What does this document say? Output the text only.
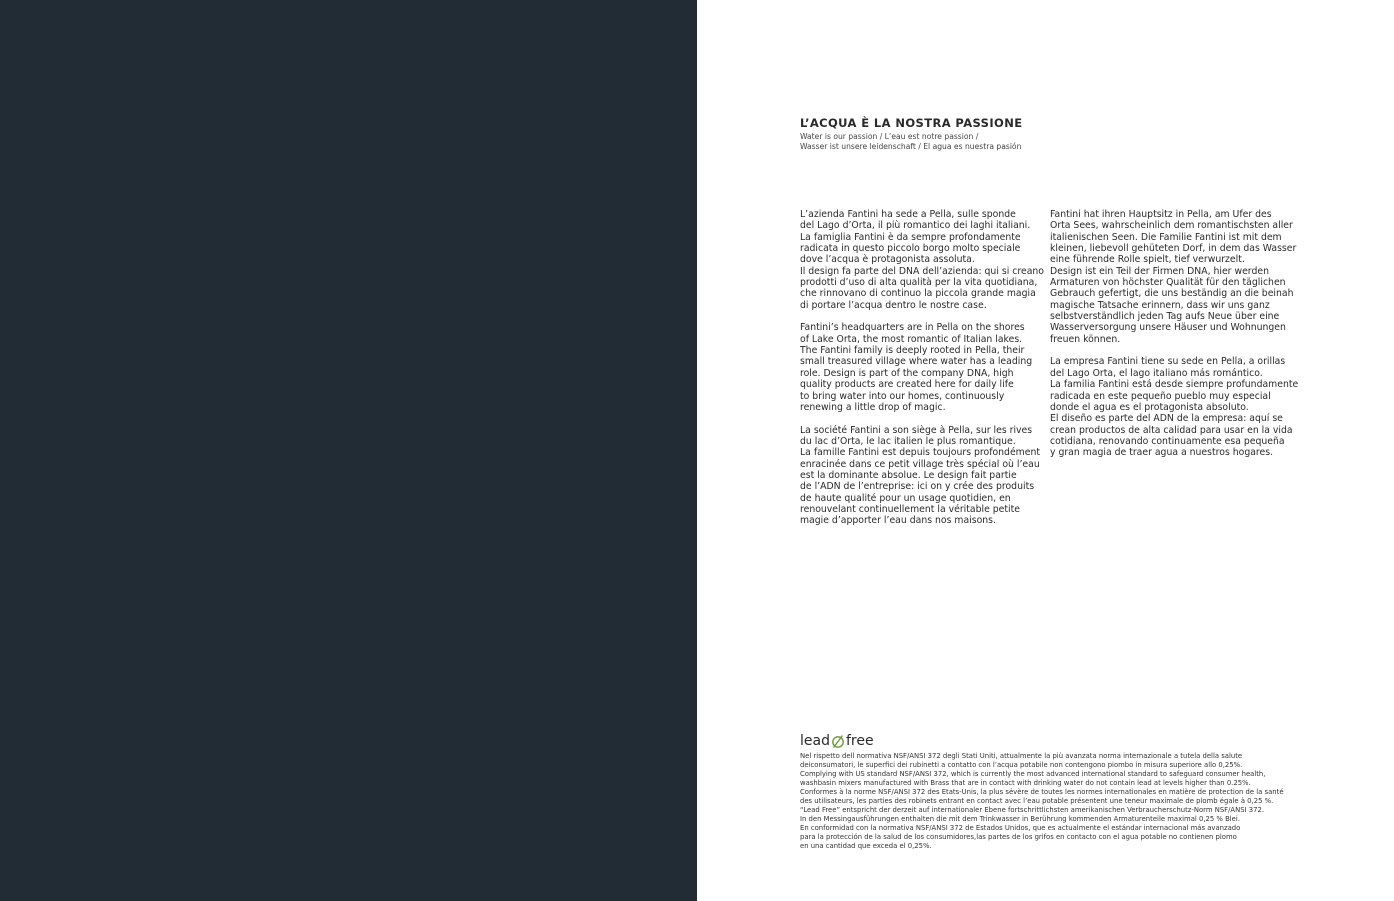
L’ACQUA È LA NOSTRA PASSIONE
Water is our passion / L’eau est notre passion /
Wasser ist unsere leidenschaft / El agua es nuestra pasión
L’azienda Fantini ha sede a Pella, sulle sponde
del Lago d’Orta, il più romantico dei laghi italiani.
La famiglia Fantini è da sempre profondamente
radicata in questo piccolo borgo molto speciale
dove l’acqua è protagonista assoluta.
Il design fa parte del DNA dell’azienda: qui si creano
prodotti d’uso di alta qualità per la vita quotidiana,
che rinnovano di continuo la piccola grande magia
di portare l’acqua dentro le nostre case.
Fantini’s headquarters are in Pella on the shores
of Lake Orta, the most romantic of Italian lakes.
The Fantini family is deeply rooted in Pella, their
small treasured village where water has a leading
role. Design is part of the company DNA, high
quality products are created here for daily life
to bring water into our homes, continuously
renewing a little drop of magic.
La société Fantini a son siège à Pella, sur les rives
du lac d’Orta, le lac italien le plus romantique.
La famille Fantini est depuis toujours profondément
enracinée dans ce petit village très spécial où l’eau
est la dominante absolue. Le design fait partie
de l’ADN de l’entreprise: ici on y crée des produits
de haute qualité pour un usage quotidien, en
renouvelant continuellement la véritable petite
magie d’apporter l’eau dans nos maisons.
Fantini hat ihren Hauptsitz in Pella, am Ufer des
Orta Sees, wahrscheinlich dem romantischsten aller
italienischen Seen. Die Familie Fantini ist mit dem
kleinen, liebevoll gehüteten Dorf, in dem das Wasser
eine führende Rolle spielt, tief verwurzelt.
Design ist ein Teil der Firmen DNA, hier werden
Armaturen von höchster Qualität für den täglichen
Gebrauch gefertigt, die uns beständig an die beinah
magische Tatsache erinnern, dass wir uns ganz
selbstverständlich jeden Tag aufs Neue über eine
Wasserversorgung unsere Häuser und Wohnungen
freuen können.
La empresa Fantini tiene su sede en Pella, a orillas
del Lago Orta, el lago italiano más romántico.
La familia Fantini está desde siempre profundamente
radicada en este pequeño pueblo muy especial
donde el agua es el protagonista absoluto.
El diseño es parte del ADN de la empresa: aquí se
crean productos de alta calidad para usar en la vida
cotidiana, renovando continuamente esa pequeña
y gran magia de traer agua a nuestros hogares.
lead free
Nel rispetto dell normativa NSF/ANSI 372 degli Stati Uniti, attualmente la più avanzata norma internazionale a tutela della salute
deiconsumatori, le superfici dei rubinetti a contatto con l’acqua potabile non contengono piombo in misura superiore allo 0,25%.
Complying with US standard NSF/ANSI 372, which is currently the most advanced international standard to safeguard consumer health,
washbasin mixers manufactured with Brass that are in contact with drinking water do not contain lead at levels higher than 0.25%.
Conformes à la norme NSF/ANSI 372 des Etats-Unis, la plus sévère de toutes les normes internationales en matière de protection de la santé
des utilisateurs, les parties des robinets entrant en contact avec l’eau potable présentent une teneur maximale de plomb égale à 0,25 %.
“Lead Free” entspricht der derzeit auf internationaler Ebene fortschrittlichsten amerikanischen Verbraucherschutz-Norm NSF/ANSI 372.
In den Messingausführungen enthalten die mit dem Trinkwasser in Berührung kommenden Armaturenteile maximal 0,25 % Blei.
En conformidad con la normativa NSF/ANSI 372 de Estados Unidos, que es actualmente el estándar internacional más avanzado
para la protección de la salud de los consumidores,las partes de los grifos en contacto con el agua potable no contienen plomo
en una cantidad que exceda el 0,25%.
